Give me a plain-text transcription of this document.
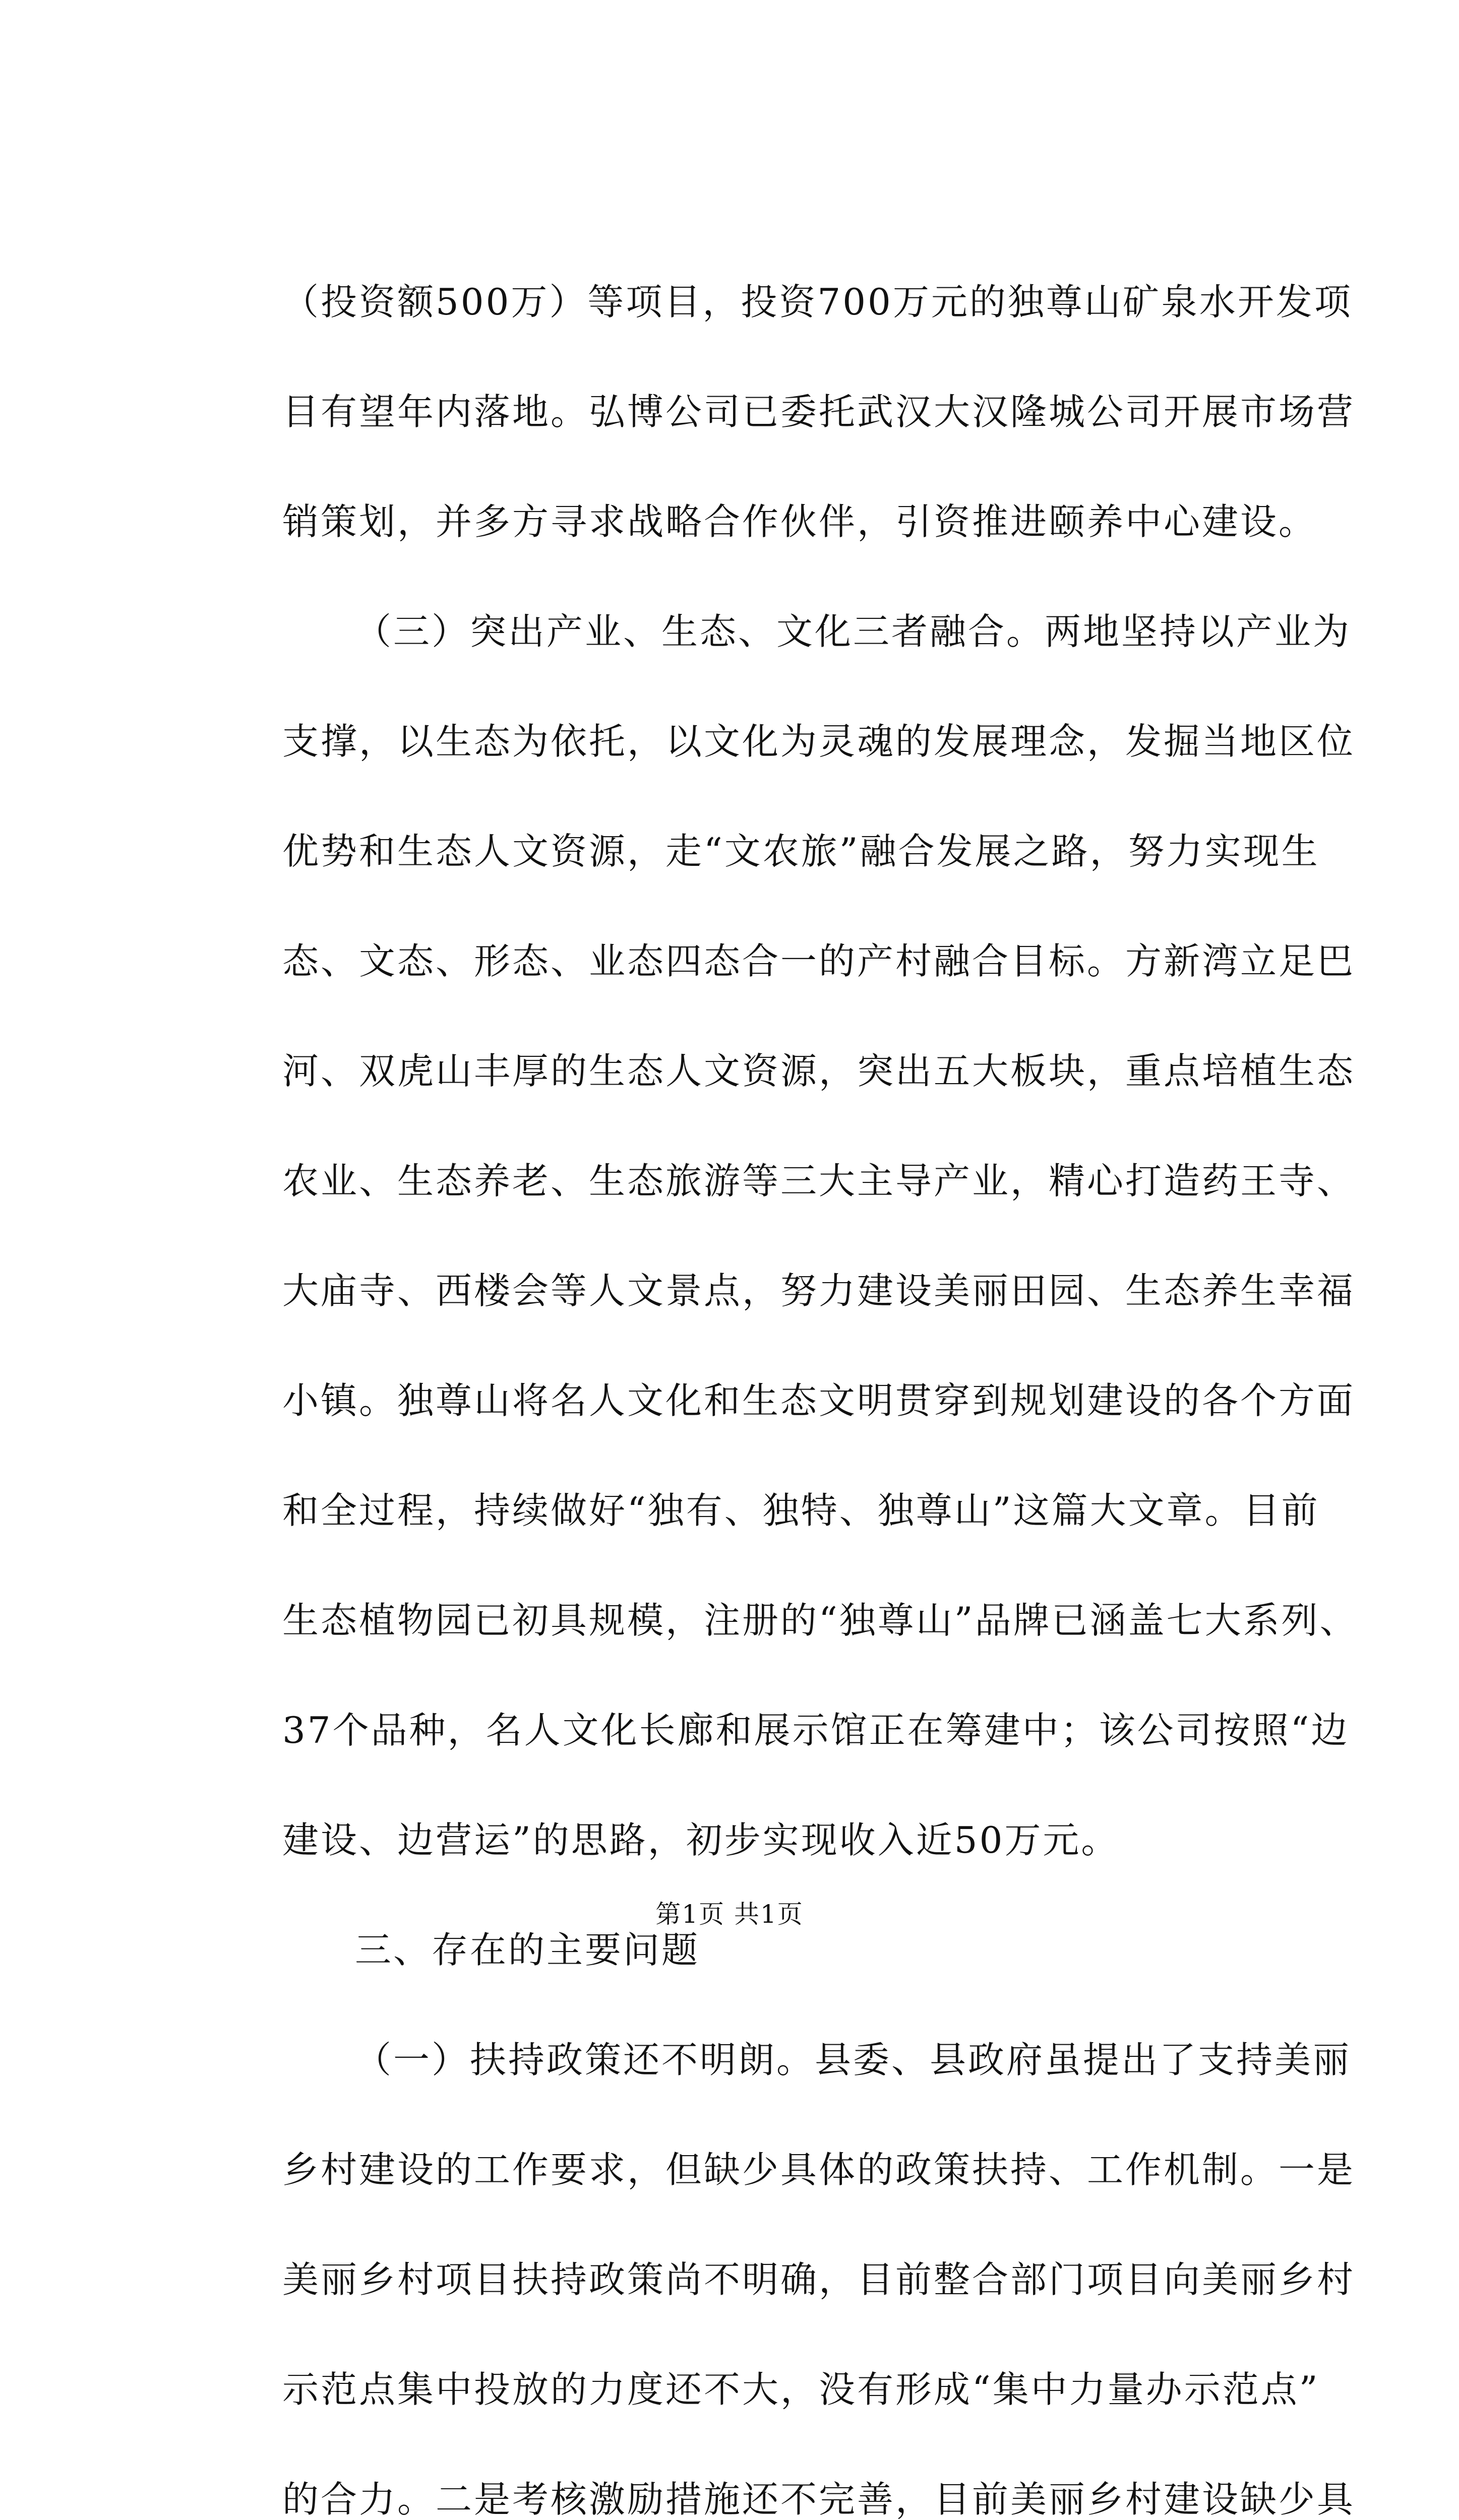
（投资额500万）等项目，投资700万元的独尊山矿泉水开发项
目有望年内落地。弘博公司已委托武汉大汉隆城公司开展市场营
销策划，并多方寻求战略合作伙伴，引资推进颐养中心建设。
（三）突出产业、生态、文化三者融合。两地坚持以产业为
支撑，以生态为依托，以文化为灵魂的发展理念，发掘当地区位
优势和生态人文资源，走“文农旅”融合发展之路，努力实现生
态、文态、形态、业态四态合一的产村融合目标。方新湾立足巴
河、双虎山丰厚的生态人文资源，突出五大板块，重点培植生态
农业、生态养老、生态旅游等三大主导产业，精心打造药王寺、
大庙寺、西楼会等人文景点，努力建设美丽田园、生态养生幸福
小镇。独尊山将名人文化和生态文明贯穿到规划建设的各个方面
和全过程，持续做好“独有、独特、独尊山”这篇大文章。目前
生态植物园已初具规模，注册的“独尊山”品牌已涵盖七大系列、
37个品种，名人文化长廊和展示馆正在筹建中；该公司按照“边
建设、边营运”的思路，初步实现收入近50万元。
三、存在的主要问题
（一）扶持政策还不明朗。县委、县政府虽提出了支持美丽
乡村建设的工作要求，但缺少具体的政策扶持、工作机制。一是
美丽乡村项目扶持政策尚不明确，目前整合部门项目向美丽乡村
示范点集中投放的力度还不大，没有形成“集中力量办示范点”
的合力。二是考核激励措施还不完善，目前美丽乡村建设缺少具
第1页 共1页
